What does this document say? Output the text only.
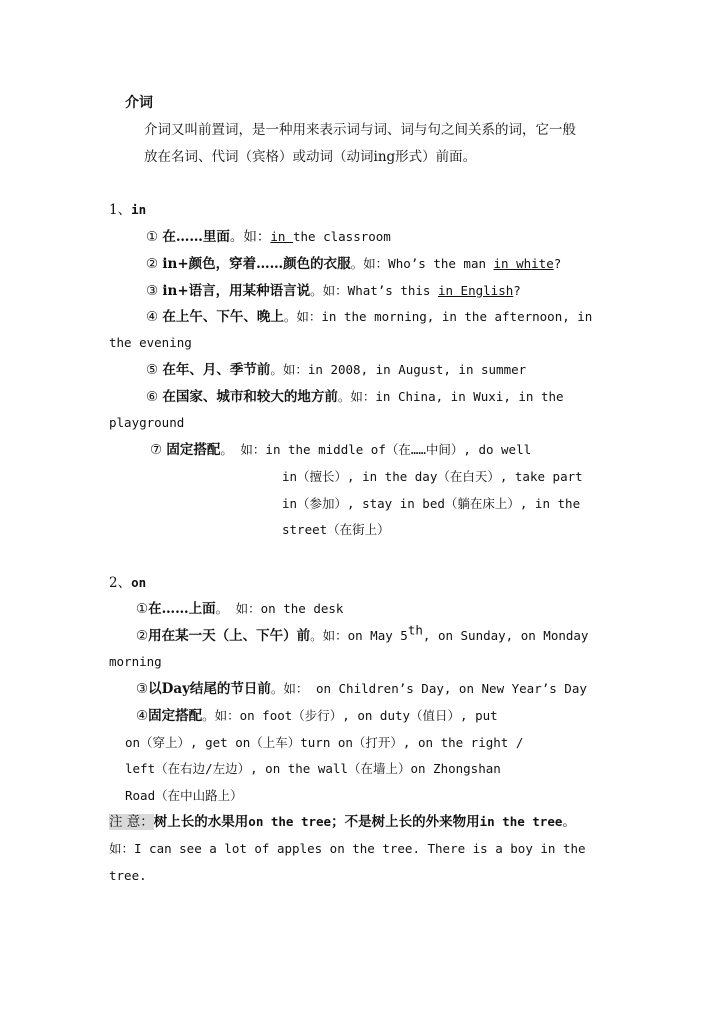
介词
介词又叫前置词，是一种用来表示词与词、词与句之间关系的词，它一般
放在名词、代词（宾格）或动词（动词ing形式）前面。
1、in
① 在……里面。如：in the classroom
② in+颜色，穿着……颜色的衣服。如：Who’s the man in white?
③ in+语言，用某种语言说。如：What’s this in English?
④ 在上午、下午、晚上。如：in the morning, in the afternoon, in
the evening
⑤ 在年、月、季节前。如：in 2008, in August, in summer
⑥ 在国家、城市和较大的地方前。如：in China, in Wuxi, in the
playground
⑦ 固定搭配。 如：in the middle of（在……中间）, do well
in（擅长）, in the day（在白天）, take part
in（参加）, stay in bed（躺在床上）, in the
street（在街上）
2、on
①在……上面。 如：on the desk
②用在某一天（上、下午）前。如：on May 5th, on Sunday, on Monday
morning
③以Day结尾的节日前。如： on Children’s Day, on New Year’s Day
④固定搭配。如：on foot（步行）, on duty（值日）, put
on（穿上）, get on（上车）turn on（打开）, on the right /
left（在右边/左边）, on the wall（在墙上）on Zhongshan
Road（在中山路上）
注 意：树上长的水果用on the tree；不是树上长的外来物用in the tree。
如：I can see a lot of apples on the tree. There is a boy in the
tree.
